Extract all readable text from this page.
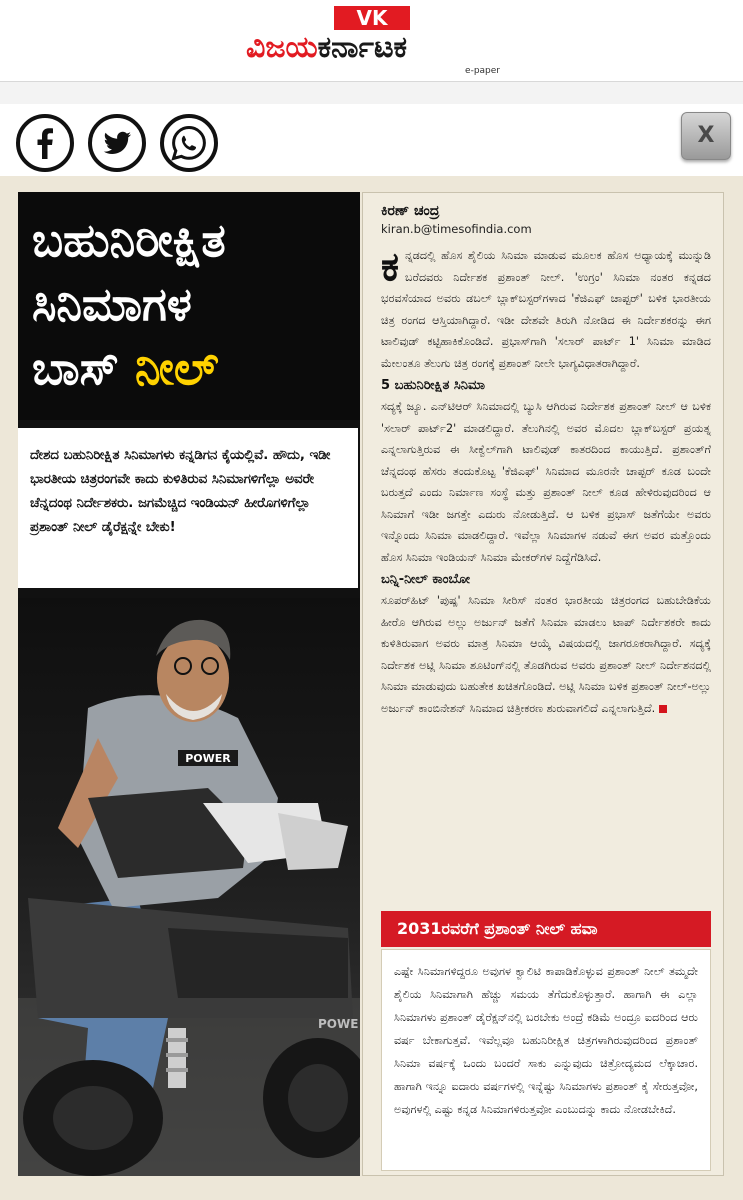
VK
ವಿಜಯಕರ್ನಾಟಕ
e-paper
X
ಬಹುನಿರೀಕ್ಷಿತ
ಸಿನಿಮಾಗಳ
ಬಾಸ್ ನೀಲ್
ದೇಶದ ಬಹುನಿರೀಕ್ಷಿತ ಸಿನಿಮಾಗಳು ಕನ್ನಡಿಗನ ಕೈಯಲ್ಲಿವೆ. ಹೌದು, ಇಡೀ ಭಾರತೀಯ ಚಿತ್ರರಂಗವೇ ಕಾದು ಕುಳಿತಿರುವ ಸಿನಿಮಾಗಳಿಗೆಲ್ಲಾ ಅವರೇ ಚೆನ್ನದಂಥ ನಿರ್ದೇಶಕರು. ಜಗಮೆಚ್ಚಿದ ಇಂಡಿಯನ್ ಹೀರೊಗಳಿಗೆಲ್ಲಾ ಪ್ರಶಾಂತ್ ನೀಲ್ ಡೈರೆಕ್ಷನ್ನೇ ಬೇಕು!
POWER
POWE
ಕಿರಣ್ ಚಂದ್ರ
kiran.b@timesofindia.com
ಕನ್ನಡದಲ್ಲಿ ಹೊಸ ಶೈಲಿಯ ಸಿನಿಮಾ ಮಾಡುವ ಮೂಲಕ ಹೊಸ ಅಧ್ಯಾಯಕ್ಕೆ ಮುನ್ನುಡಿ ಬರೆದವರು ನಿರ್ದೇಶಕ ಪ್ರಶಾಂತ್ ನೀಲ್. 'ಉಗ್ರಂ' ಸಿನಿಮಾ ನಂತರ ಕನ್ನಡದ ಭರವಸೆಯಾದ ಅವರು ಡಬಲ್ ಬ್ಲಾಕ್‌ಬಸ್ಟರ್‌ಗಳಾದ 'ಕೆಜಿಎಫ್ ಚಾಪ್ಟರ್' ಬಳಿಕ ಭಾರತೀಯ ಚಿತ್ರ ರಂಗದ ಆಸ್ತಿಯಾಗಿದ್ದಾರೆ. ಇಡೀ ದೇಶವೇ ತಿರುಗಿ ನೋಡಿದ ಈ ನಿರ್ದೇಶಕರನ್ನು ಈಗ ಟಾಲಿವುಡ್ ಕಟ್ಟಿಹಾಕಿಕೊಂಡಿದೆ. ಪ್ರಭಾಸ್‌ಗಾಗಿ 'ಸಲಾರ್ ಪಾರ್ಟ್ 1' ಸಿನಿಮಾ ಮಾಡಿದ ಮೇಲಂತೂ ತೆಲುಗು ಚಿತ್ರ ರಂಗಕ್ಕೆ ಪ್ರಶಾಂತ್ ನೀಲೇ ಭಾಗ್ಯವಿಧಾತರಾಗಿದ್ದಾರೆ.
5 ಬಹುನಿರೀಕ್ಷಿತ ಸಿನಿಮಾ
ಸದ್ಯಕ್ಕೆ ಜ್ಯೂ. ಎನ್‌ಟಿಆರ್ ಸಿನಿಮಾದಲ್ಲಿ ಬ್ಯುಸಿ ಆಗಿರುವ ನಿರ್ದೇಶಕ ಪ್ರಶಾಂತ್ ನೀಲ್ ಆ ಬಳಿಕ 'ಸಲಾರ್ ಪಾರ್ಟ್2' ಮಾಡಲಿದ್ದಾರೆ. ತೆಲುಗಿನಲ್ಲಿ ಅವರ ಮೊದಲ ಬ್ಲಾಕ್‌ಬಸ್ಟರ್ ಪ್ರಯತ್ನ ಎನ್ನಲಾಗುತ್ತಿರುವ ಈ ಸೀಕ್ವೆಲ್‌ಗಾಗಿ ಟಾಲಿವುಡ್ ಕಾತರದಿಂದ ಕಾಯುತ್ತಿದೆ. ಪ್ರಶಾಂತ್‌ಗೆ ಚೆನ್ನದಂಥ ಹೆಸರು ತಂದುಕೊಟ್ಟ 'ಕೆಜಿಎಫ್' ಸಿನಿಮಾದ ಮೂರನೇ ಚಾಪ್ಟರ್ ಕೂಡ ಬಂದೇ ಬರುತ್ತದೆ ಎಂದು ನಿರ್ಮಾಣ ಸಂಸ್ಥೆ ಮತ್ತು ಪ್ರಶಾಂತ್ ನೀಲ್ ಕೂಡ ಹೇಳಿರುವುದರಿಂದ ಆ ಸಿನಿಮಾಗೆ ಇಡೀ ಜಗತ್ತೇ ಎದುರು ನೋಡುತ್ತಿದೆ. ಆ ಬಳಿಕ ಪ್ರಭಾಸ್ ಜತೆಗೆಯೇ ಅವರು ಇನ್ನೊಂದು ಸಿನಿಮಾ ಮಾಡಲಿದ್ದಾರೆ. ಇವೆಲ್ಲಾ ಸಿನಿಮಾಗಳ ನಡುವೆ ಈಗ ಅವರ ಮತ್ತೊಂದು ಹೊಸ ಸಿನಿಮಾ ಇಂಡಿಯನ್ ಸಿನಿಮಾ ಮೇಕರ್‌ಗಳ ನಿದ್ದೆಗೆಡಿಸಿದೆ.
ಬನ್ನಿ-ನೀಲ್ ಕಾಂಬೋ
ಸೂಪರ್‌ಹಿಟ್ 'ಪುಷ್ಪ' ಸಿನಿಮಾ ಸೀರಿಸ್ ನಂತರ ಭಾರತೀಯ ಚಿತ್ರರಂಗದ ಬಹುಬೇಡಿಕೆಯ ಹೀರೊ ಆಗಿರುವ ಅಲ್ಲು ಅರ್ಜುನ್ ಜತೆಗೆ ಸಿನಿಮಾ ಮಾಡಲು ಟಾಪ್ ನಿರ್ದೇಶಕರೇ ಕಾದು ಕುಳಿತಿರುವಾಗ ಅವರು ಮಾತ್ರ ಸಿನಿಮಾ ಆಯ್ಕೆ ವಿಷಯದಲ್ಲಿ ಜಾಗರೂಕರಾಗಿದ್ದಾರೆ. ಸದ್ಯಕ್ಕೆ ನಿರ್ದೇಶಕ ಅಟ್ಲಿ ಸಿನಿಮಾ ಶೂಟಿಂಗ್‌ನಲ್ಲಿ ತೊಡಗಿರುವ ಅವರು ಪ್ರಶಾಂತ್ ನೀಲ್ ನಿರ್ದೇಶನದಲ್ಲಿ ಸಿನಿಮಾ ಮಾಡುವುದು ಬಹುತೇಕ ಖಚಿತಗೊಂಡಿದೆ. ಅಟ್ಲಿ ಸಿನಿಮಾ ಬಳಿಕ ಪ್ರಶಾಂತ್ ನೀಲ್-ಅಲ್ಲು ಅರ್ಜುನ್ ಕಾಂಬಿನೇಶನ್ ಸಿನಿಮಾದ ಚಿತ್ರೀಕರಣ ಶುರುವಾಗಲಿದೆ ಎನ್ನಲಾಗುತ್ತಿದೆ.
2031ರವರೆಗೆ ಪ್ರಶಾಂತ್ ನೀಲ್ ಹವಾ
ಎಷ್ಟೇ ಸಿನಿಮಾಗಳಿದ್ದರೂ ಅವುಗಳ ಕ್ವಾಲಿಟಿ ಕಾಪಾಡಿಕೊಳ್ಳುವ ಪ್ರಶಾಂತ್ ನೀಲ್ ತಮ್ಮದೇ ಶೈಲಿಯ ಸಿನಿಮಾಗಾಗಿ ಹೆಚ್ಚು ಸಮಯ ತೆಗೆದುಕೊಳ್ಳುತ್ತಾರೆ. ಹಾಗಾಗಿ ಈ ಎಲ್ಲಾ ಸಿನಿಮಾಗಳು ಪ್ರಶಾಂತ್ ಡೈರೆಕ್ಷನ್‌ನಲ್ಲಿ ಬರಬೇಕು ಅಂದ್ರೆ ಕಡಿಮೆ ಅಂದ್ರೂ ಐದರಿಂದ ಆರು ವರ್ಷ ಬೇಕಾಗುತ್ತವೆ. ಇವೆಲ್ಲವೂ ಬಹುನಿರೀಕ್ಷಿತ ಚಿತ್ರಗಳಾಗಿರುವುದರಿಂದ ಪ್ರಶಾಂತ್ ಸಿನಿಮಾ ವರ್ಷಕ್ಕೆ ಒಂದು ಬಂದರೆ ಸಾಕು ಎನ್ನುವುದು ಚಿತ್ರೋದ್ಯಮದ ಲೆಕ್ಕಾಚಾರ. ಹಾಗಾಗಿ ಇನ್ನೂ ಐದಾರು ವರ್ಷಗಳಲ್ಲಿ ಇನ್ನೆಷ್ಟು ಸಿನಿಮಾಗಳು ಪ್ರಶಾಂತ್ ಕೈ ಸೇರುತ್ತವೋ, ಅವುಗಳಲ್ಲಿ ಎಷ್ಟು ಕನ್ನಡ ಸಿನಿಮಾಗಳಿರುತ್ತವೋ ಎಂಬುದನ್ನು ಕಾದು ನೋಡಬೇಕಿದೆ.
